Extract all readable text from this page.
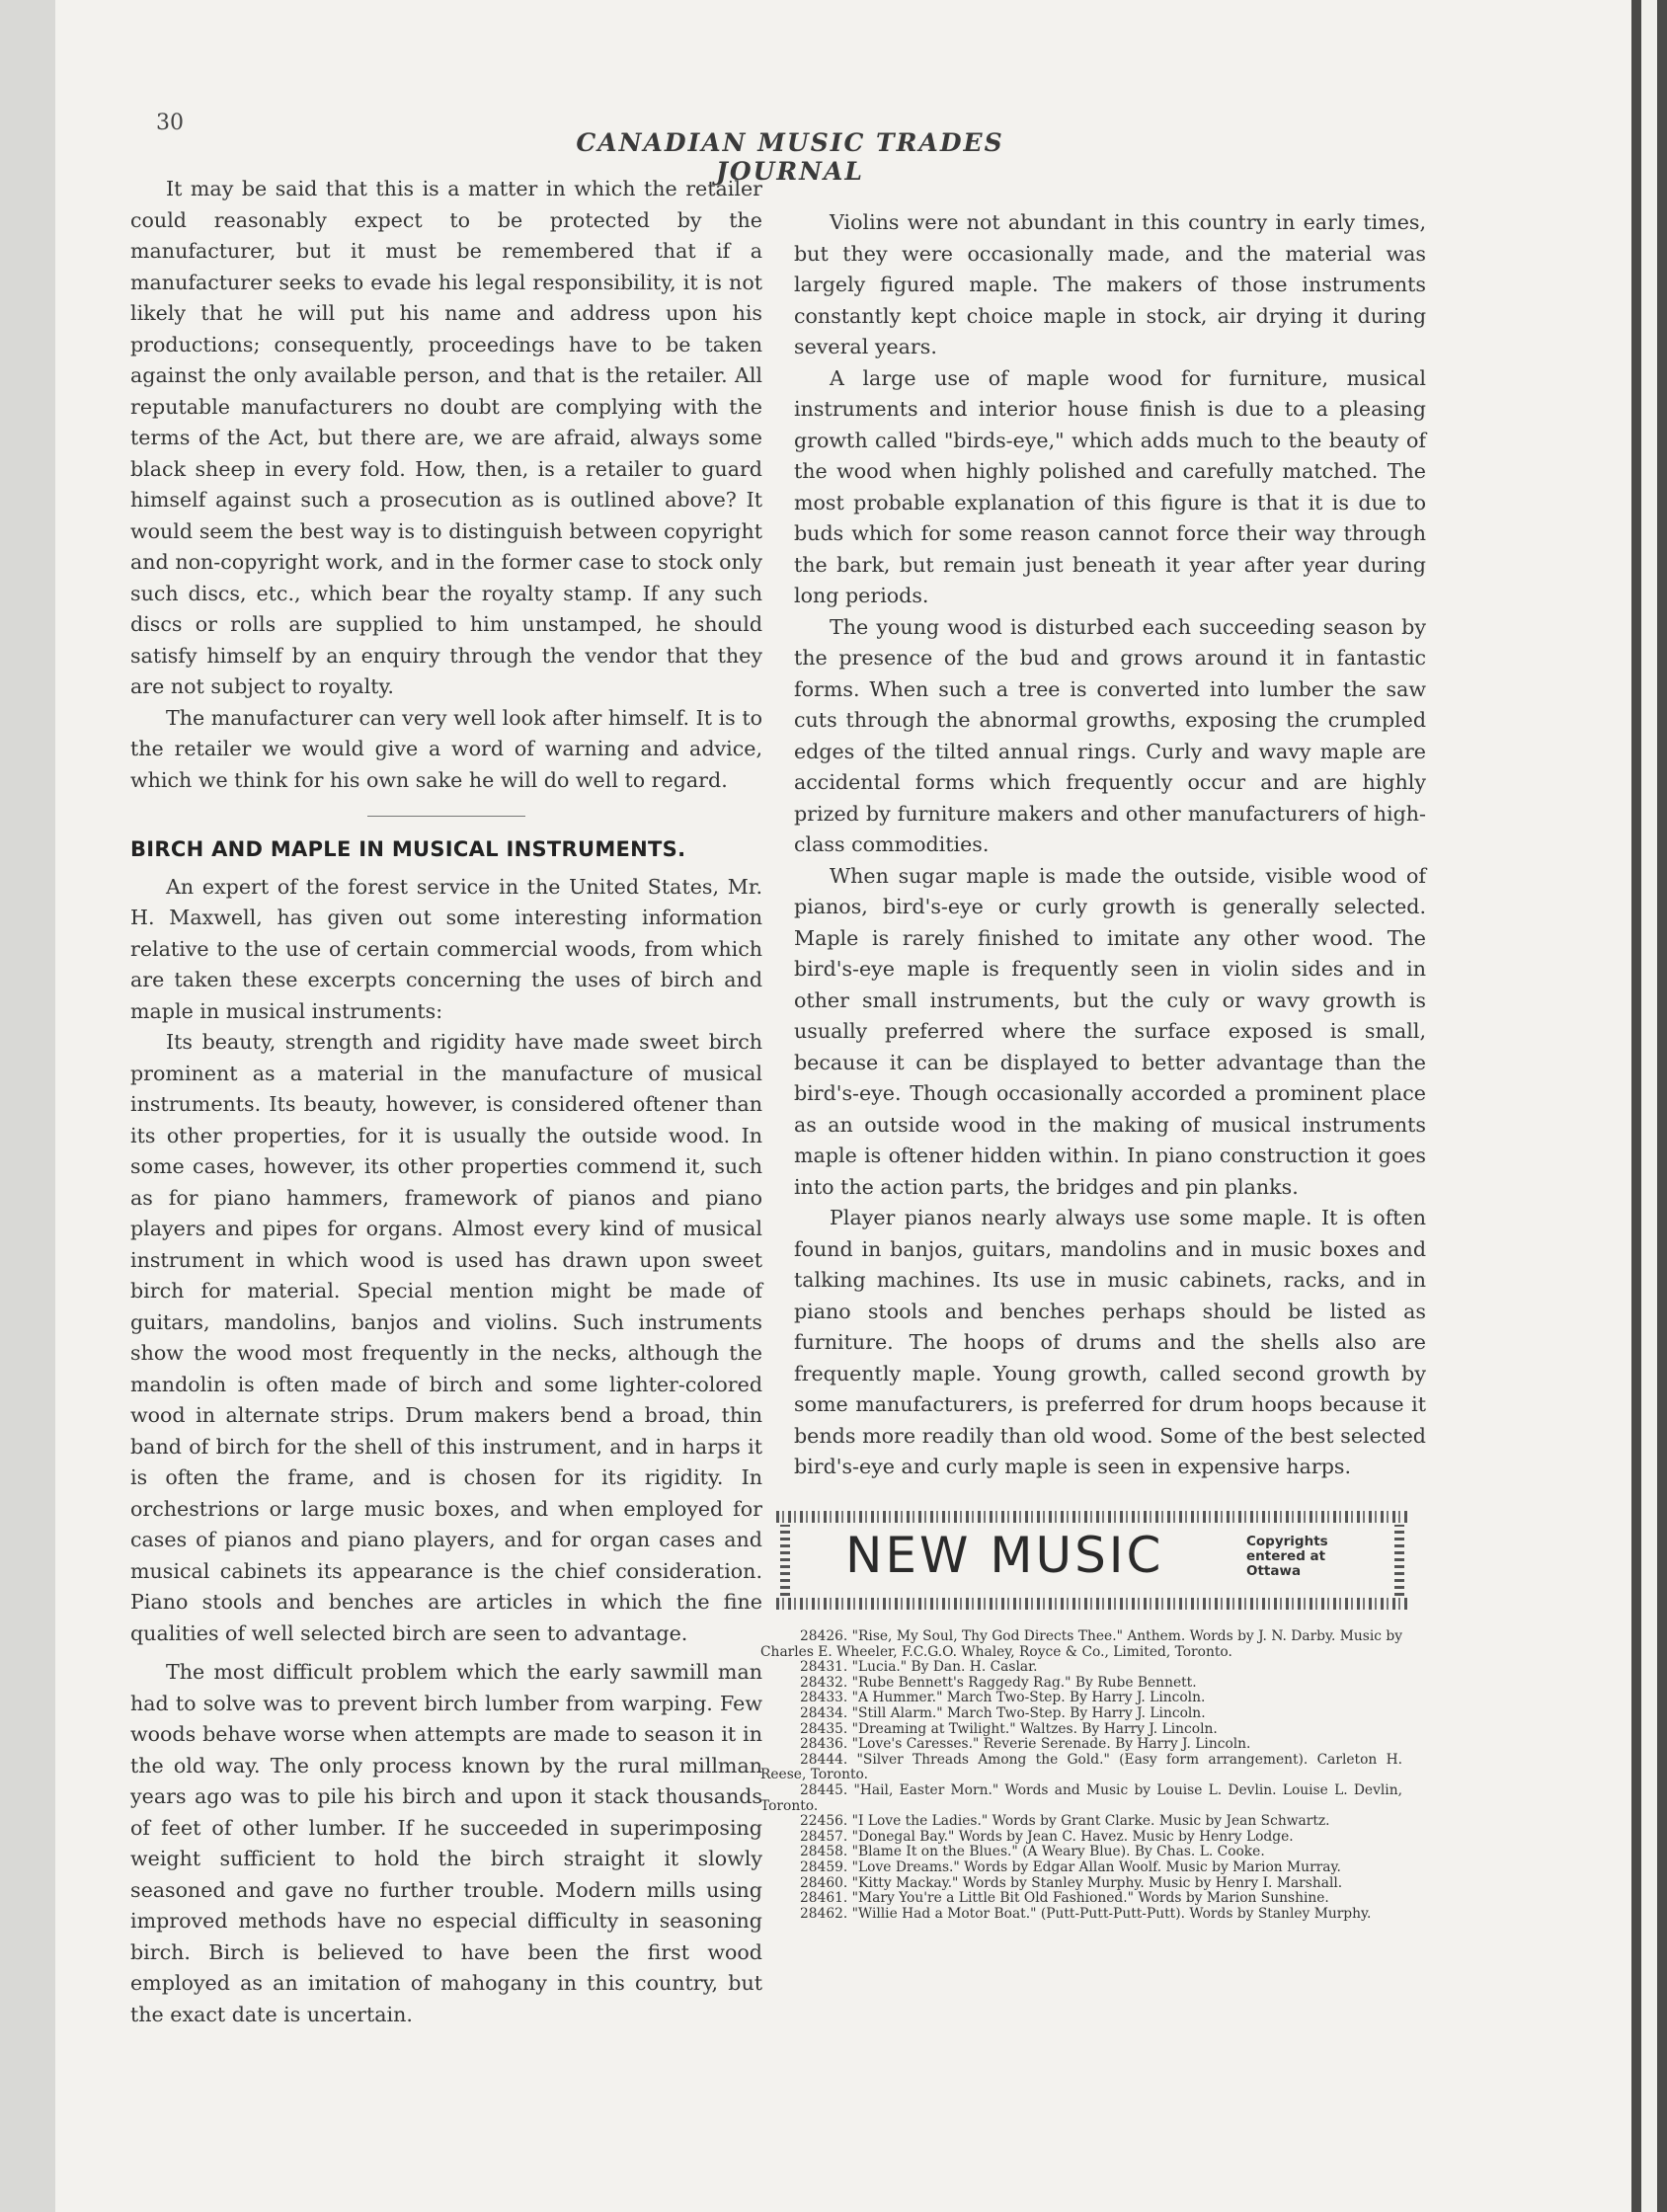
30
CANADIAN MUSIC TRADES JOURNAL

It may be said that this is a matter in which the retailer could reasonably expect to be protected by the manufacturer, but it must be remembered that if a manufacturer seeks to evade his legal responsibility, it is not likely that he will put his name and address upon his productions; consequently, proceedings have to be taken against the only available person, and that is the retailer. All reputable manufacturers no doubt are complying with the terms of the Act, but there are, we are afraid, always some black sheep in every fold. How, then, is a retailer to guard himself against such a prosecution as is outlined above? It would seem the best way is to distinguish between copyright and non-copyright work, and in the former case to stock only such discs, etc., which bear the royalty stamp. If any such discs or rolls are supplied to him unstamped, he should satisfy himself by an enquiry through the vendor that they are not subject to royalty.

The manufacturer can very well look after himself. It is to the retailer we would give a word of warning and advice, which we think for his own sake he will do well to regard.

BIRCH AND MAPLE IN MUSICAL INSTRUMENTS.

An expert of the forest service in the United States, Mr. H. Maxwell, has given out some interesting information relative to the use of certain commercial woods, from which are taken these excerpts concerning the uses of birch and maple in musical instruments:

Its beauty, strength and rigidity have made sweet birch prominent as a material in the manufacture of musical instruments. Its beauty, however, is considered oftener than its other properties, for it is usually the outside wood. In some cases, however, its other properties commend it, such as for piano hammers, framework of pianos and piano players and pipes for organs. Almost every kind of musical instrument in which wood is used has drawn upon sweet birch for material. Special mention might be made of guitars, mandolins, banjos and violins. Such instruments show the wood most frequently in the necks, although the mandolin is often made of birch and some lighter-colored wood in alternate strips. Drum makers bend a broad, thin band of birch for the shell of this instrument, and in harps it is often the frame, and is chosen for its rigidity. In orchestrions or large music boxes, and when employed for cases of pianos and piano players, and for organ cases and musical cabinets its appearance is the chief consideration. Piano stools and benches are articles in which the fine qualities of well selected birch are seen to advantage.

The most difficult problem which the early sawmill man had to solve was to prevent birch lumber from warping. Few woods behave worse when attempts are made to season it in the old way. The only process known by the rural millman years ago was to pile his birch and upon it stack thousands of feet of other lumber. If he succeeded in superimposing weight sufficient to hold the birch straight it slowly seasoned and gave no further trouble. Modern mills using improved methods have no especial difficulty in seasoning birch. Birch is believed to have been the first wood employed as an imitation of mahogany in this country, but the exact date is uncertain.

Violins were not abundant in this country in early times, but they were occasionally made, and the material was largely figured maple. The makers of those instruments constantly kept choice maple in stock, air drying it during several years.

A large use of maple wood for furniture, musical instruments and interior house finish is due to a pleasing growth called "birds-eye," which adds much to the beauty of the wood when highly polished and carefully matched. The most probable explanation of this figure is that it is due to buds which for some reason cannot force their way through the bark, but remain just beneath it year after year during long periods.

The young wood is disturbed each succeeding season by the presence of the bud and grows around it in fantastic forms. When such a tree is converted into lumber the saw cuts through the abnormal growths, exposing the crumpled edges of the tilted annual rings. Curly and wavy maple are accidental forms which frequently occur and are highly prized by furniture makers and other manufacturers of high-class commodities.

When sugar maple is made the outside, visible wood of pianos, bird's-eye or curly growth is generally selected. Maple is rarely finished to imitate any other wood. The bird's-eye maple is frequently seen in violin sides and in other small instruments, but the culy or wavy growth is usually preferred where the surface exposed is small, because it can be displayed to better advantage than the bird's-eye. Though occasionally accorded a prominent place as an outside wood in the making of musical instruments maple is oftener hidden within. In piano construction it goes into the action parts, the bridges and pin planks.

Player pianos nearly always use some maple. It is often found in banjos, guitars, mandolins and in music boxes and talking machines. Its use in music cabinets, racks, and in piano stools and benches perhaps should be listed as furniture. The hoops of drums and the shells also are frequently maple. Young growth, called second growth by some manufacturers, is preferred for drum hoops because it bends more readily than old wood. Some of the best selected bird's-eye and curly maple is seen in expensive harps.

NEW MUSIC	Copyrights entered at Ottawa

28426. "Rise, My Soul, Thy God Directs Thee." Anthem. Words by J. N. Darby. Music by Charles E. Wheeler, F.C.G.O. Whaley, Royce & Co., Limited, Toronto.

28431. "Lucia." By Dan. H. Caslar.

28432. "Rube Bennett's Raggedy Rag." By Rube Bennett.

28433. "A Hummer." March Two-Step. By Harry J. Lincoln.

28434. "Still Alarm." March Two-Step. By Harry J. Lincoln.

28435. "Dreaming at Twilight." Waltzes. By Harry J. Lincoln.

28436. "Love's Caresses." Reverie Serenade. By Harry J. Lincoln.

28444. "Silver Threads Among the Gold." (Easy form arrangement). Carleton H. Reese, Toronto.

28445. "Hail, Easter Morn." Words and Music by Louise L. Devlin. Louise L. Devlin, Toronto.

22456. "I Love the Ladies." Words by Grant Clarke. Music by Jean Schwartz.

28457. "Donegal Bay." Words by Jean C. Havez. Music by Henry Lodge.

28458. "Blame It on the Blues." (A Weary Blue). By Chas. L. Cooke.

28459. "Love Dreams." Words by Edgar Allan Woolf. Music by Marion Murray.

28460. "Kitty Mackay." Words by Stanley Murphy. Music by Henry I. Marshall.

28461. "Mary You're a Little Bit Old Fashioned." Words by Marion Sunshine.

28462. "Willie Had a Motor Boat." (Putt-Putt-Putt-Putt). Words by Stanley Murphy.
